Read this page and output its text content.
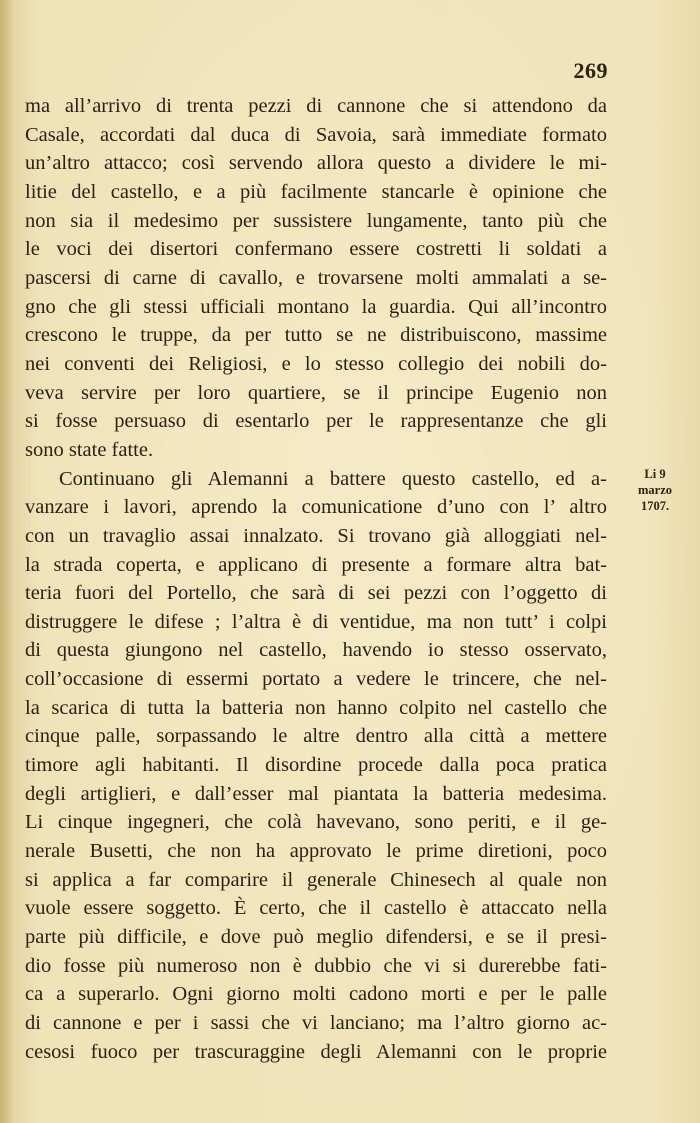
269
ma all’arrivo di trenta pezzi di cannone che si attendono da
Casale, accordati dal duca di Savoia, sarà immediate formato
un’altro attacco; così servendo allora questo a dividere le mi-
litie del castello, e a più facilmente stancarle è opinione che
non sia il medesimo per sussistere lungamente, tanto più che
le voci dei disertori confermano essere costretti li soldati a
pascersi di carne di cavallo, e trovarsene molti ammalati a se-
gno che gli stessi ufficiali montano la guardia. Qui all’incontro
crescono le truppe, da per tutto se ne distribuiscono, massime
nei conventi dei Religiosi, e lo stesso collegio dei nobili do-
veva servire per loro quartiere, se il principe Eugenio non
si fosse persuaso di esentarlo per le rappresentanze che gli
sono state fatte.
Continuano gli Alemanni a battere questo castello, ed a-
vanzare i lavori, aprendo la comunicatione d’uno con l’ altro
con un travaglio assai innalzato. Si trovano già alloggiati nel-
la strada coperta, e applicano di presente a formare altra bat-
teria fuori del Portello, che sarà di sei pezzi con l’oggetto di
distruggere le difese ; l’altra è di ventidue, ma non tutt’ i colpi
di questa giungono nel castello, havendo io stesso osservato,
coll’occasione di essermi portato a vedere le trincere, che nel-
la scarica di tutta la batteria non hanno colpito nel castello che
cinque palle, sorpassando le altre dentro alla città a mettere
timore agli habitanti. Il disordine procede dalla poca pratica
degli artiglieri, e dall’esser mal piantata la batteria medesima.
Li cinque ingegneri, che colà havevano, sono periti, e il ge-
nerale Busetti, che non ha approvato le prime diretioni, poco
si applica a far comparire il generale Chinesech al quale non
vuole essere soggetto. È certo, che il castello è attaccato nella
parte più difficile, e dove può meglio difendersi, e se il presi-
dio fosse più numeroso non è dubbio che vi si durerebbe fati-
ca a superarlo. Ogni giorno molti cadono morti e per le palle
di cannone e per i sassi che vi lanciano; ma l’altro giorno ac-
cesosi fuoco per trascuraggine degli Alemanni con le proprie
Li 9
marzo
1707.
